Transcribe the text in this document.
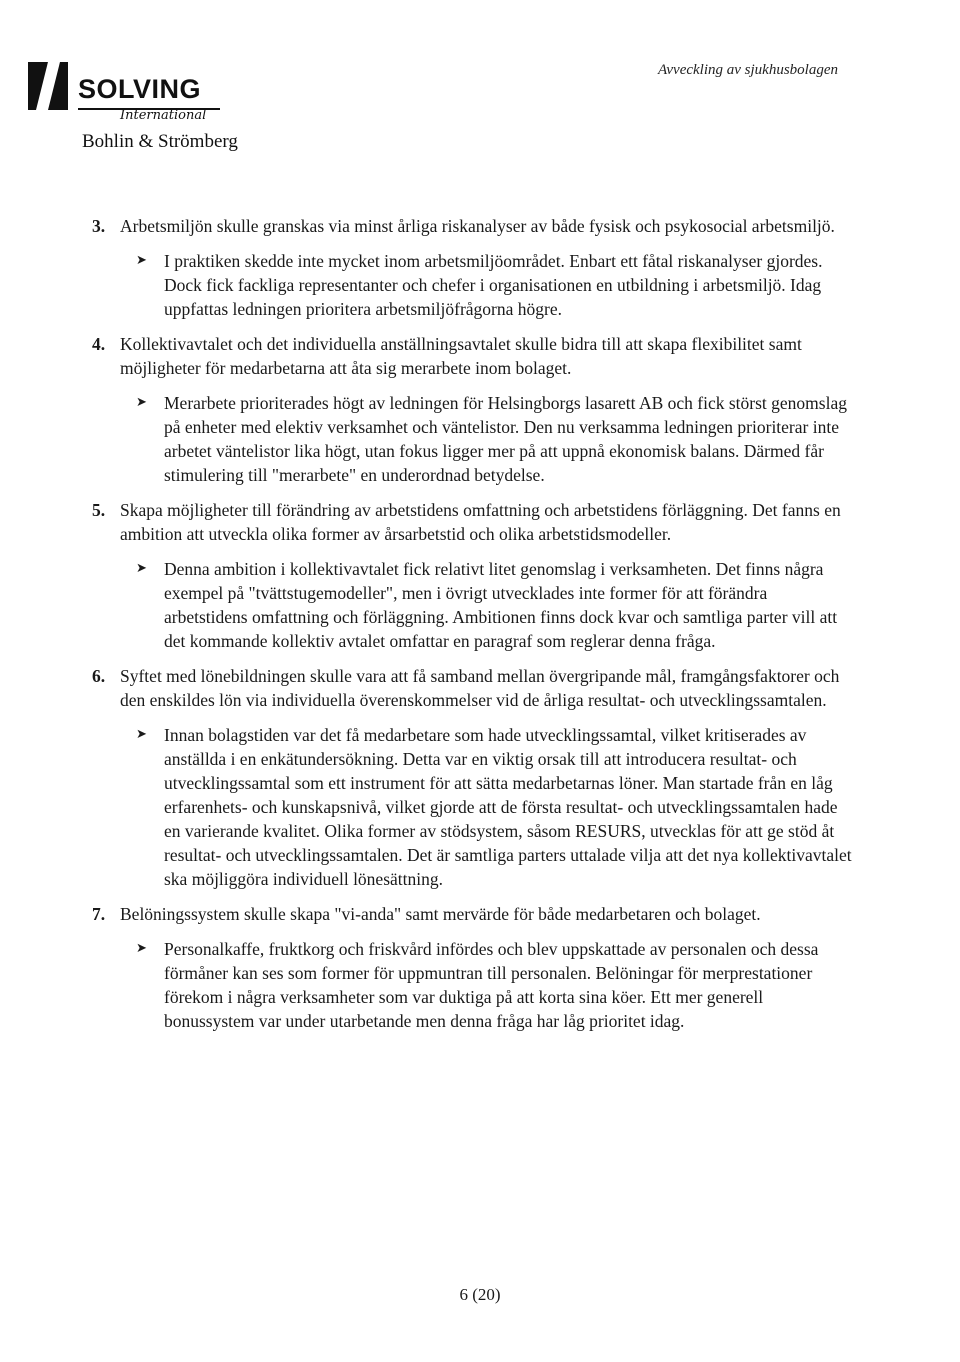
SOLVING
International
Bohlin & Strömberg
Avveckling av sjukhusbolagen
3. Arbetsmiljön skulle granskas via minst årliga riskanalyser av både fysisk och psykosocial arbetsmiljö.

➤ I praktiken skedde inte mycket inom arbetsmiljöområdet. Enbart ett fåtal riskanalyser gjordes. Dock fick fackliga representanter och chefer i organisationen en utbildning i arbetsmiljö. Idag uppfattas ledningen prioritera arbetsmiljöfrågorna högre.

4. Kollektivavtalet och det individuella anställningsavtalet skulle bidra till att skapa flexibilitet samt möjligheter för medarbetarna att åta sig merarbete inom bolaget.

➤ Merarbete prioriterades högt av ledningen för Helsingborgs lasarett AB och fick störst genomslag på enheter med elektiv verksamhet och väntelistor. Den nu verksamma ledningen prioriterar inte arbetet väntelistor lika högt, utan fokus ligger mer på att uppnå ekonomisk balans. Därmed får stimulering till "merarbete" en underordnad betydelse.

5. Skapa möjligheter till förändring av arbetstidens omfattning och arbetstidens förläggning. Det fanns en ambition att utveckla olika former av årsarbetstid och olika arbetstidsmodeller.

➤ Denna ambition i kollektivavtalet fick relativt litet genomslag i verksamheten. Det finns några exempel på "tvättstugemodeller", men i övrigt utvecklades inte former för att förändra arbetstidens omfattning och förläggning. Ambitionen finns dock kvar och samtliga parter vill att det kommande kollektiv avtalet omfattar en paragraf som reglerar denna fråga.

6. Syftet med lönebildningen skulle vara att få samband mellan övergripande mål, framgångsfaktorer och den enskildes lön via individuella överenskommelser vid de årliga resultat- och utvecklingssamtalen.

➤ Innan bolagstiden var det få medarbetare som hade utvecklingssamtal, vilket kritiserades av anställda i en enkätundersökning. Detta var en viktig orsak till att introducera resultat- och utvecklingssamtal som ett instrument för att sätta medarbetarnas löner. Man startade från en låg erfarenhets- och kunskapsnivå, vilket gjorde att de första resultat- och utvecklingssamtalen hade en varierande kvalitet. Olika former av stödsystem, såsom RESURS, utvecklas för att ge stöd åt resultat- och utvecklingssamtalen. Det är samtliga parters uttalade vilja att det nya kollektivavtalet ska möjliggöra individuell lönesättning.

7. Belöningssystem skulle skapa "vi-anda" samt mervärde för både medarbetaren och bolaget.

➤ Personalkaffe, fruktkorg och friskvård infördes och blev uppskattade av personalen och dessa förmåner kan ses som former för uppmuntran till personalen. Belöningar för merprestationer förekom i några verksamheter som var duktiga på att korta sina köer. Ett mer generell bonussystem var under utarbetande men denna fråga har låg prioritet idag.

6 (20)
